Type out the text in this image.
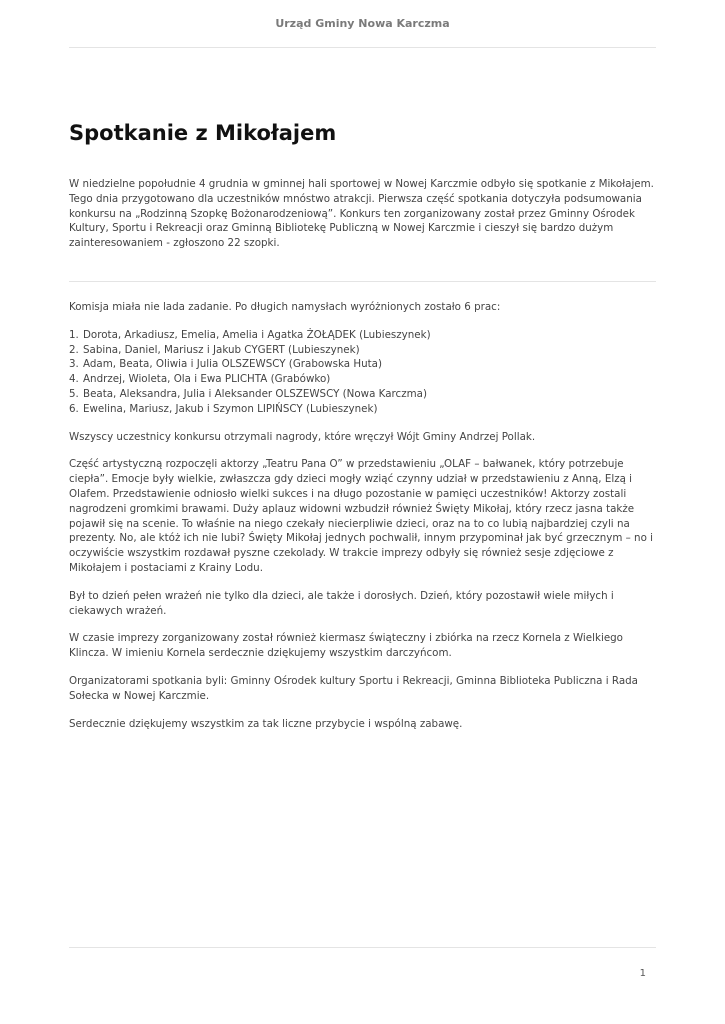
Urząd Gminy Nowa Karczma
Spotkanie z Mikołajem

W niedzielne popołudnie 4 grudnia w gminnej hali sportowej w Nowej Karczmie odbyło się spotkanie z Mikołajem. Tego dnia przygotowano dla uczestników mnóstwo atrakcji. Pierwsza część spotkania dotyczyła podsumowania konkursu na „Rodzinną Szopkę Bożonarodzeniową”. Konkurs ten zorganizowany został przez Gminny Ośrodek Kultury, Sportu i Rekreacji oraz Gminną Bibliotekę Publiczną w Nowej Karczmie i cieszył się bardzo dużym zainteresowaniem - zgłoszono 22 szopki.

Komisja miała nie lada zadanie. Po długich namysłach wyróżnionych zostało 6 prac:

1. Dorota, Arkadiusz, Emelia, Amelia i Agatka ŻOŁĄDEK (Lubieszynek)
2. Sabina, Daniel, Mariusz i Jakub CYGERT (Lubieszynek)
3. Adam, Beata, Oliwia i Julia OLSZEWSCY (Grabowska Huta)
4. Andrzej, Wioleta, Ola i Ewa PLICHTA (Grabówko)
5. Beata, Aleksandra, Julia i Aleksander OLSZEWSCY (Nowa Karczma)
6. Ewelina, Mariusz, Jakub i Szymon LIPIŃSCY (Lubieszynek)

Wszyscy uczestnicy konkursu otrzymali nagrody, które wręczył Wójt Gminy Andrzej Pollak.

Część artystyczną rozpoczęli aktorzy „Teatru Pana O” w przedstawieniu „OLAF – bałwanek, który potrzebuje ciepła”. Emocje były wielkie, zwłaszcza gdy dzieci mogły wziąć czynny udział w przedstawieniu z Anną, Elzą i Olafem. Przedstawienie odniosło wielki sukces i na długo pozostanie w pamięci uczestników! Aktorzy zostali nagrodzeni gromkimi brawami. Duży aplauz widowni wzbudził również Święty Mikołaj, który rzecz jasna także pojawił się na scenie. To właśnie na niego czekały niecierpliwie dzieci, oraz na to co lubią najbardziej czyli na prezenty. No, ale któż ich nie lubi? Święty Mikołaj jednych pochwalił, innym przypominał jak być grzecznym – no i oczywiście wszystkim rozdawał pyszne czekolady. W trakcie imprezy odbyły się również sesje zdjęciowe z Mikołajem i postaciami z Krainy Lodu.

Był to dzień pełen wrażeń nie tylko dla dzieci, ale także i dorosłych. Dzień, który pozostawił wiele miłych i ciekawych wrażeń.

W czasie imprezy zorganizowany został również kiermasz świąteczny i zbiórka na rzecz Kornela z Wielkiego Klincza. W imieniu Kornela serdecznie dziękujemy wszystkim darczyńcom.

Organizatorami spotkania byli: Gminny Ośrodek kultury Sportu i Rekreacji, Gminna Biblioteka Publiczna i Rada Sołecka w Nowej Karczmie.

Serdecznie dziękujemy wszystkim za tak liczne przybycie i wspólną zabawę.

1
